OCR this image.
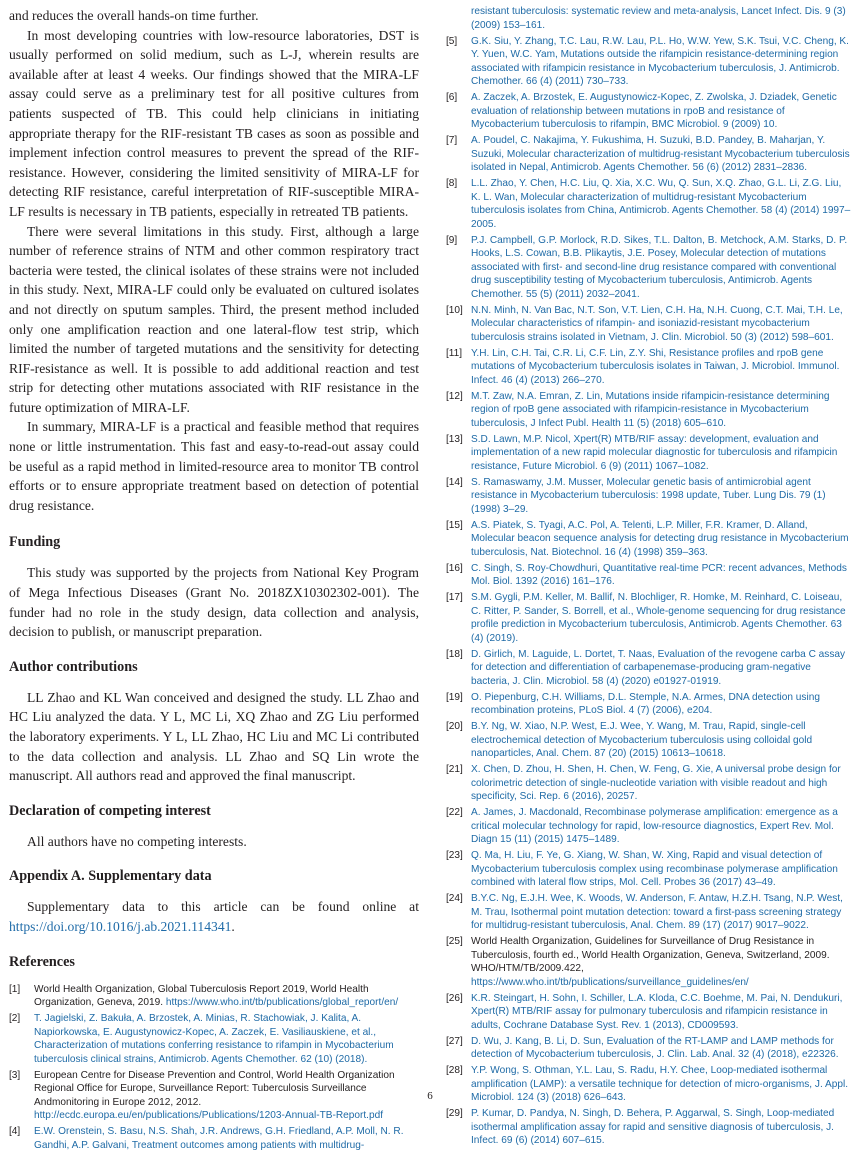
and reduces the overall hands-on time further.

In most developing countries with low-resource laboratories, DST is usually performed on solid medium, such as L-J, wherein results are available after at least 4 weeks. Our findings showed that the MIRA-LF assay could serve as a preliminary test for all positive cultures from patients suspected of TB. This could help clinicians in initiating appropriate therapy for the RIF-resistant TB cases as soon as possible and implement infection control measures to prevent the spread of the RIF-resistance. However, considering the limited sensitivity of MIRA-LF for detecting RIF resistance, careful interpretation of RIF-susceptible MIRA-LF results is necessary in TB patients, especially in retreated TB patients.

There were several limitations in this study. First, although a large number of reference strains of NTM and other common respiratory tract bacteria were tested, the clinical isolates of these strains were not included in this study. Next, MIRA-LF could only be evaluated on cultured isolates and not directly on sputum samples. Third, the present method included only one amplification reaction and one lateral-flow test strip, which limited the number of targeted mutations and the sensitivity for detecting RIF-resistance as well. It is possible to add additional reaction and test strip for detecting other mutations associated with RIF resistance in the future optimization of MIRA-LF.

In summary, MIRA-LF is a practical and feasible method that requires none or little instrumentation. This fast and easy-to-read-out assay could be useful as a rapid method in limited-resource area to monitor TB control efforts or to ensure appropriate treatment based on detection of potential drug resistance.

Funding

This study was supported by the projects from National Key Program of Mega Infectious Diseases (Grant No. 2018ZX10302302-001). The funder had no role in the study design, data collection and analysis, decision to publish, or manuscript preparation.

Author contributions

LL Zhao and KL Wan conceived and designed the study. LL Zhao and HC Liu analyzed the data. Y L, MC Li, XQ Zhao and ZG Liu performed the laboratory experiments. Y L, LL Zhao, HC Liu and MC Li contributed to the data collection and analysis. LL Zhao and SQ Lin wrote the manuscript. All authors read and approved the final manuscript.

Declaration of competing interest

All authors have no competing interests.

Appendix A. Supplementary data

Supplementary data to this article can be found online at https://doi.org/10.1016/j.ab.2021.114341.

References
[1]	World Health Organization, Global Tuberculosis Report 2019, World Health Organization, Geneva, 2019. https://www.who.int/tb/publications/global_report/en/
[2]	T. Jagielski, Z. Bakuła, A. Brzostek, A. Minias, R. Stachowiak, J. Kalita, A. Napiorkowska, E. Augustynowicz-Kopec, A. Zaczek, E. Vasiliauskiene, et al., Characterization of mutations conferring resistance to rifampin in Mycobacterium tuberculosis clinical strains, Antimicrob. Agents Chemother. 62 (10) (2018).
[3]	European Centre for Disease Prevention and Control, World Health Organization Regional Office for Europe, Surveillance Report: Tuberculosis Surveillance Andmonitoring in Europe 2012, 2012. http://ecdc.europa.eu/en/publications/Publications/1203-Annual-TB-Report.pdf
[4]	E.W. Orenstein, S. Basu, N.S. Shah, J.R. Andrews, G.H. Friedland, A.P. Moll, N. R. Gandhi, A.P. Galvani, Treatment outcomes among patients with multidrug-
resistant tuberculosis: systematic review and meta-analysis, Lancet Infect. Dis. 9 (3) (2009) 153–161.
[5]	G.K. Siu, Y. Zhang, T.C. Lau, R.W. Lau, P.L. Ho, W.W. Yew, S.K. Tsui, V.C. Cheng, K. Y. Yuen, W.C. Yam, Mutations outside the rifampicin resistance-determining region associated with rifampicin resistance in Mycobacterium tuberculosis, J. Antimicrob. Chemother. 66 (4) (2011) 730–733.
[6]	A. Zaczek, A. Brzostek, E. Augustynowicz-Kopec, Z. Zwolska, J. Dziadek, Genetic evaluation of relationship between mutations in rpoB and resistance of Mycobacterium tuberculosis to rifampin, BMC Microbiol. 9 (2009) 10.
[7]	A. Poudel, C. Nakajima, Y. Fukushima, H. Suzuki, B.D. Pandey, B. Maharjan, Y. Suzuki, Molecular characterization of multidrug-resistant Mycobacterium tuberculosis isolated in Nepal, Antimicrob. Agents Chemother. 56 (6) (2012) 2831–2836.
[8]	L.L. Zhao, Y. Chen, H.C. Liu, Q. Xia, X.C. Wu, Q. Sun, X.Q. Zhao, G.L. Li, Z.G. Liu, K. L. Wan, Molecular characterization of multidrug-resistant Mycobacterium tuberculosis isolates from China, Antimicrob. Agents Chemother. 58 (4) (2014) 1997–2005.
[9]	P.J. Campbell, G.P. Morlock, R.D. Sikes, T.L. Dalton, B. Metchock, A.M. Starks, D. P. Hooks, L.S. Cowan, B.B. Plikaytis, J.E. Posey, Molecular detection of mutations associated with first- and second-line drug resistance compared with conventional drug susceptibility testing of Mycobacterium tuberculosis, Antimicrob. Agents Chemother. 55 (5) (2011) 2032–2041.
[10] N.N. Minh, N. Van Bac, N.T. Son, V.T. Lien, C.H. Ha, N.H. Cuong, C.T. Mai, T.H. Le, Molecular characteristics of rifampin- and isoniazid-resistant mycobacterium tuberculosis strains isolated in Vietnam, J. Clin. Microbiol. 50 (3) (2012) 598–601.
[11] Y.H. Lin, C.H. Tai, C.R. Li, C.F. Lin, Z.Y. Shi, Resistance profiles and rpoB gene mutations of Mycobacterium tuberculosis isolates in Taiwan, J. Microbiol. Immunol. Infect. 46 (4) (2013) 266–270.
[12] M.T. Zaw, N.A. Emran, Z. Lin, Mutations inside rifampicin-resistance determining region of rpoB gene associated with rifampicin-resistance in Mycobacterium tuberculosis, J Infect Publ. Health 11 (5) (2018) 605–610.
[13] S.D. Lawn, M.P. Nicol, Xpert(R) MTB/RIF assay: development, evaluation and implementation of a new rapid molecular diagnostic for tuberculosis and rifampicin resistance, Future Microbiol. 6 (9) (2011) 1067–1082.
[14] S. Ramaswamy, J.M. Musser, Molecular genetic basis of antimicrobial agent resistance in Mycobacterium tuberculosis: 1998 update, Tuber. Lung Dis. 79 (1) (1998) 3–29.
[15] A.S. Piatek, S. Tyagi, A.C. Pol, A. Telenti, L.P. Miller, F.R. Kramer, D. Alland, Molecular beacon sequence analysis for detecting drug resistance in Mycobacterium tuberculosis, Nat. Biotechnol. 16 (4) (1998) 359–363.
[16] C. Singh, S. Roy-Chowdhuri, Quantitative real-time PCR: recent advances, Methods Mol. Biol. 1392 (2016) 161–176.
[17] S.M. Gygli, P.M. Keller, M. Ballif, N. Blochliger, R. Homke, M. Reinhard, C. Loiseau, C. Ritter, P. Sander, S. Borrell, et al., Whole-genome sequencing for drug resistance profile prediction in Mycobacterium tuberculosis, Antimicrob. Agents Chemother. 63 (4) (2019).
[18] D. Girlich, M. Laguide, L. Dortet, T. Naas, Evaluation of the revogene carba C assay for detection and differentiation of carbapenemase-producing gram-negative bacteria, J. Clin. Microbiol. 58 (4) (2020) e01927-01919.
[19] O. Piepenburg, C.H. Williams, D.L. Stemple, N.A. Armes, DNA detection using recombination proteins, PLoS Biol. 4 (7) (2006), e204.
[20] B.Y. Ng, W. Xiao, N.P. West, E.J. Wee, Y. Wang, M. Trau, Rapid, single-cell electrochemical detection of Mycobacterium tuberculosis using colloidal gold nanoparticles, Anal. Chem. 87 (20) (2015) 10613–10618.
[21] X. Chen, D. Zhou, H. Shen, H. Chen, W. Feng, G. Xie, A universal probe design for colorimetric detection of single-nucleotide variation with visible readout and high specificity, Sci. Rep. 6 (2016), 20257.
[22] A. James, J. Macdonald, Recombinase polymerase amplification: emergence as a critical molecular technology for rapid, low-resource diagnostics, Expert Rev. Mol. Diagn 15 (11) (2015) 1475–1489.
[23] Q. Ma, H. Liu, F. Ye, G. Xiang, W. Shan, W. Xing, Rapid and visual detection of Mycobacterium tuberculosis complex using recombinase polymerase amplification combined with lateral flow strips, Mol. Cell. Probes 36 (2017) 43–49.
[24] B.Y.C. Ng, E.J.H. Wee, K. Woods, W. Anderson, F. Antaw, H.Z.H. Tsang, N.P. West, M. Trau, Isothermal point mutation detection: toward a first-pass screening strategy for multidrug-resistant tuberculosis, Anal. Chem. 89 (17) (2017) 9017–9022.
[25] World Health Organization, Guidelines for Surveillance of Drug Resistance in Tuberculosis, fourth ed., World Health Organization, Geneva, Switzerland, 2009. WHO/HTM/TB/2009.422, https://www.who.int/tb/publications/surveillance_guidelines/en/
[26] K.R. Steingart, H. Sohn, I. Schiller, L.A. Kloda, C.C. Boehme, M. Pai, N. Dendukuri, Xpert(R) MTB/RIF assay for pulmonary tuberculosis and rifampicin resistance in adults, Cochrane Database Syst. Rev. 1 (2013), CD009593.
[27] D. Wu, J. Kang, B. Li, D. Sun, Evaluation of the RT-LAMP and LAMP methods for detection of Mycobacterium tuberculosis, J. Clin. Lab. Anal. 32 (4) (2018), e22326.
[28] Y.P. Wong, S. Othman, Y.L. Lau, S. Radu, H.Y. Chee, Loop-mediated isothermal amplification (LAMP): a versatile technique for detection of micro-organisms, J. Appl. Microbiol. 124 (3) (2018) 626–643.
[29] P. Kumar, D. Pandya, N. Singh, D. Behera, P. Aggarwal, S. Singh, Loop-mediated isothermal amplification assay for rapid and sensitive diagnosis of tuberculosis, J. Infect. 69 (6) (2014) 607–615.
6
